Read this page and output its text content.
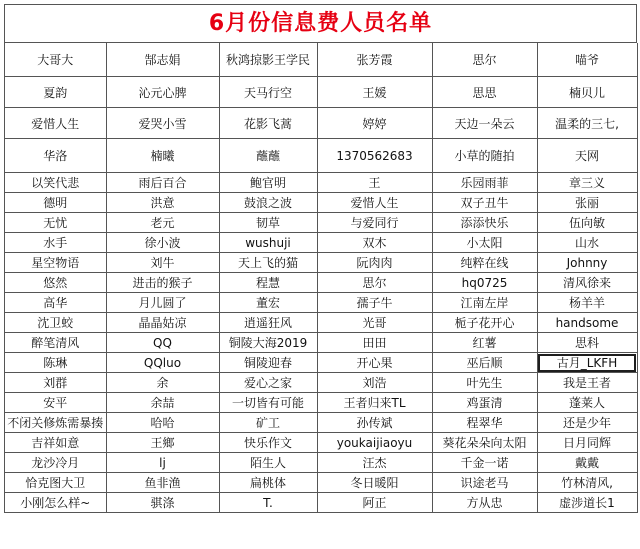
6月份信息费人员名单
大哥大	郜志娟	秋鸿掠影王学民	张芳霞	思尔	喵爷
夏韵	沁元心脾	天马行空	王媛	思思	楠贝儿
爱惜人生	爱哭小雪	花影飞蒿	婷婷	天边一朵云	温柔的三七,
华洛	楠曦	蘸蘸	1370562683	小草的随拍	天网
以笑代悲	雨后百合	鲍官明	王	乐园雨菲	章三义
德明	洪意	鼓浪之波	爱惜人生	双子丑牛	张丽
无忧	老元	韧草	与爱同行	添添快乐	伍向敏
水手	徐小波	wushuji	双木	小太阳	山水
星空物语	刘牛	天上飞的猫	阮肉肉	纯粹在线	Johnny
悠然	进击的猴子	程慧	思尔	hq0725	清风徐来
高华	月儿圆了	董宏	孺子牛	江南左岸	杨羊羊
沈卫蛟	晶晶姑凉	逍遥狂风	光哥	栀子花开心	handsome
醉笔清风	QQ	铜陵大海2019	田田	红薯	思科
陈琳	QQluo	铜陵迎春	开心果	巫后顺	古月_LKFH
刘群	余	爱心之家	刘浩	叶先生	我是王者
安平	余喆	一切皆有可能	王者归来TL	鸡蛋清	蓬莱人
不闭关修炼需暴揍	哈哈	矿工	孙传斌	程翠华	还是少年
吉祥如意	王鄉	快乐作文	youkaijiaoyu	葵花朵朵向太阳	日月同辉
龙沙冷月	lj	陌生人	汪杰	千金一诺	戴戴
恰克图大卫	鱼非渔	扁桃体	冬日暖阳	识途老马	竹林清风,
小刚怎么样~	骐涤	T.	阿正	方从忠	虚涉道长1
